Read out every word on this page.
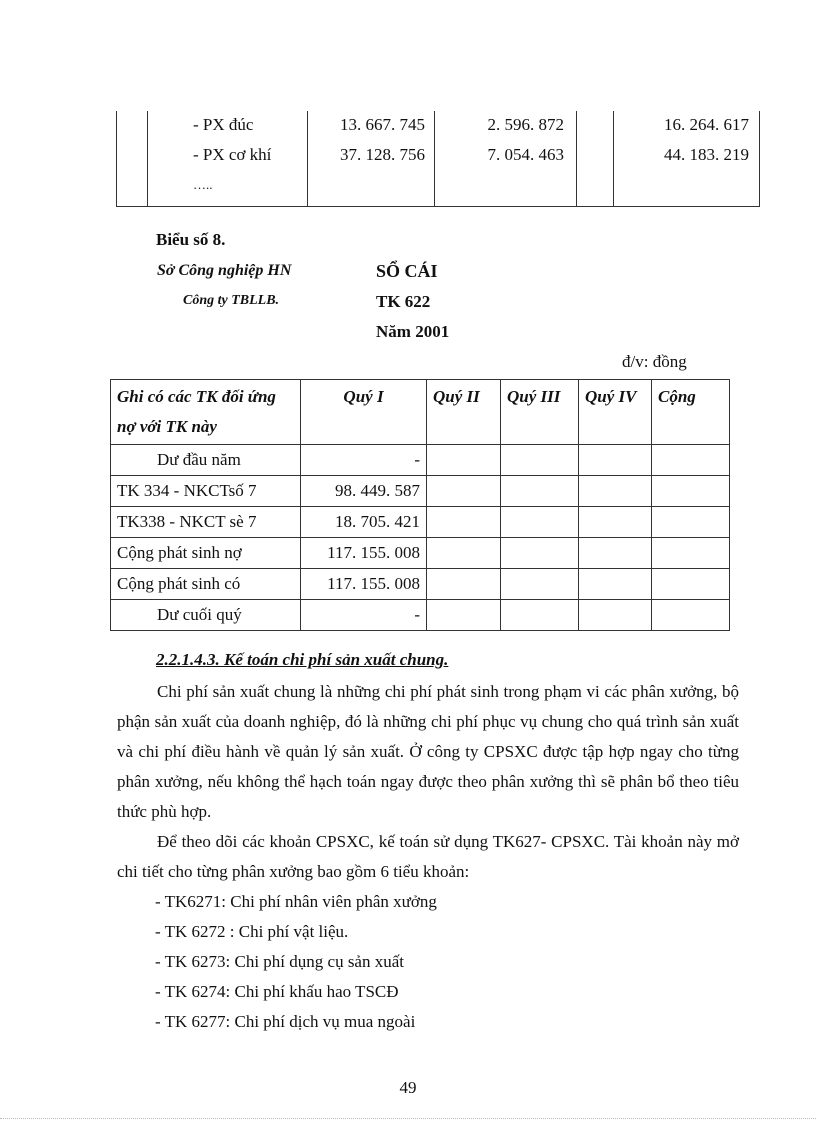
- PX đúc	13. 667. 745	2. 596. 872	16. 264. 617
- PX cơ khí	37. 128. 756	7. 054. 463	44. 183. 219
…..
Biểu số 8.
Sở Công nghiệp HN
Công ty TBLLB.
SỔ CÁI
TK 622
Năm 2001
đ/v: đồng
Ghi có các TK đối ứng nợ với TK này	Quý I	Quý II	Quý III	Quý IV	Cộng
Dư đầu năm	-				
TK 334 - NKCTsố 7	98. 449. 587				
TK338 - NKCT sè 7	18. 705. 421				
Cộng phát sinh nợ	117. 155. 008				
Cộng phát sinh có	117. 155. 008				
Dư cuối quý	-				
2.2.1.4.3. Kế toán chi phí sản xuất chung.

Chi phí sản xuất chung là những chi phí phát sinh trong phạm vi các phân xưởng, bộ phận sản xuất của doanh nghiệp, đó là những chi phí phục vụ chung cho quá trình sản xuất và chi phí điều hành về quản lý sản xuất. Ở công ty CPSXC được tập hợp ngay cho từng phân xưởng, nếu không thể hạch toán ngay được theo phân xưởng thì sẽ phân bổ theo tiêu thức phù hợp.

Để theo dõi các khoản CPSXC, kế toán sử dụng TK627- CPSXC. Tài khoản này mở chi tiết cho từng phân xưởng bao gồm 6 tiểu khoản:

- TK6271: Chi phí nhân viên phân xưởng
- TK 6272 : Chi phí vật liệu.
- TK 6273: Chi phí dụng cụ sản xuất
- TK 6274: Chi phí khấu hao TSCĐ
- TK 6277: Chi phí dịch vụ mua ngoài
49
